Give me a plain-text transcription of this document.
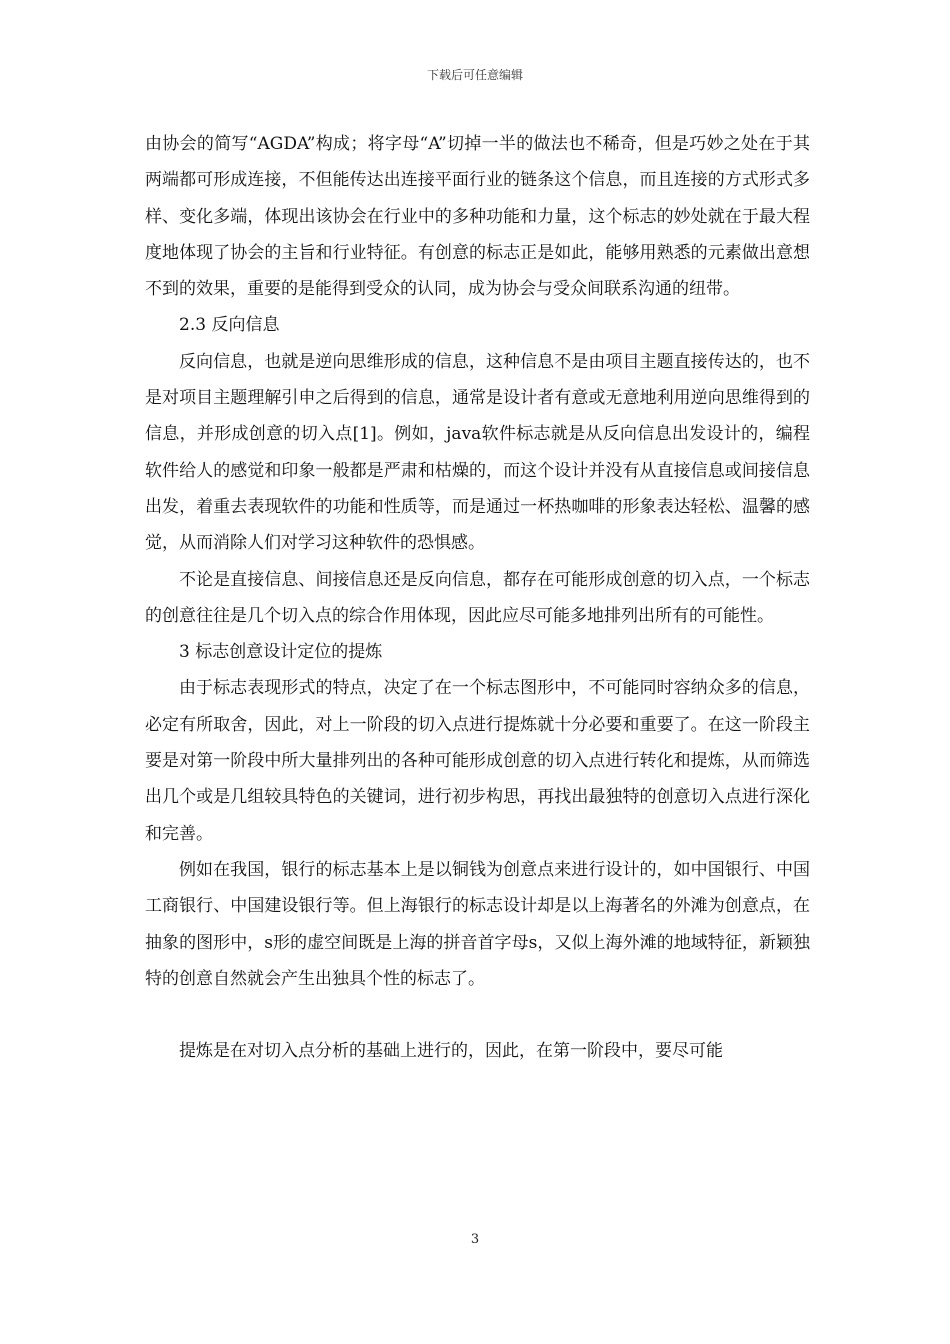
下载后可任意编辑

由协会的简写“AGDA”构成；将字母“A”切掉一半的做法也不稀奇，但是巧妙之处在于其两端都可形成连接，不但能传达出连接平面行业的链条这个信息，而且连接的方式形式多样、变化多端，体现出该协会在行业中的多种功能和力量，这个标志的妙处就在于最大程度地体现了协会的主旨和行业特征。有创意的标志正是如此，能够用熟悉的元素做出意想不到的效果，重要的是能得到受众的认同，成为协会与受众间联系沟通的纽带。

2.3 反向信息

反向信息，也就是逆向思维形成的信息，这种信息不是由项目主题直接传达的，也不是对项目主题理解引申之后得到的信息，通常是设计者有意或无意地利用逆向思维得到的信息，并形成创意的切入点[1]。例如，java软件标志就是从反向信息出发设计的，编程软件给人的感觉和印象一般都是严肃和枯燥的，而这个设计并没有从直接信息或间接信息出发，着重去表现软件的功能和性质等，而是通过一杯热咖啡的形象表达轻松、温馨的感觉，从而消除人们对学习这种软件的恐惧感。

不论是直接信息、间接信息还是反向信息，都存在可能形成创意的切入点，一个标志的创意往往是几个切入点的综合作用体现，因此应尽可能多地排列出所有的可能性。

3 标志创意设计定位的提炼

由于标志表现形式的特点，决定了在一个标志图形中，不可能同时容纳众多的信息，必定有所取舍，因此，对上一阶段的切入点进行提炼就十分必要和重要了。在这一阶段主要是对第一阶段中所大量排列出的各种可能形成创意的切入点进行转化和提炼，从而筛选出几个或是几组较具特色的关键词，进行初步构思，再找出最独特的创意切入点进行深化和完善。

例如在我国，银行的标志基本上是以铜钱为创意点来进行设计的，如中国银行、中国工商银行、中国建设银行等。但上海银行的标志设计却是以上海著名的外滩为创意点，在抽象的图形中，s形的虚空间既是上海的拼音首字母s，又似上海外滩的地域特征，新颖独特的创意自然就会产生出独具个性的标志了。

提炼是在对切入点分析的基础上进行的，因此，在第一阶段中，要尽可能

3
